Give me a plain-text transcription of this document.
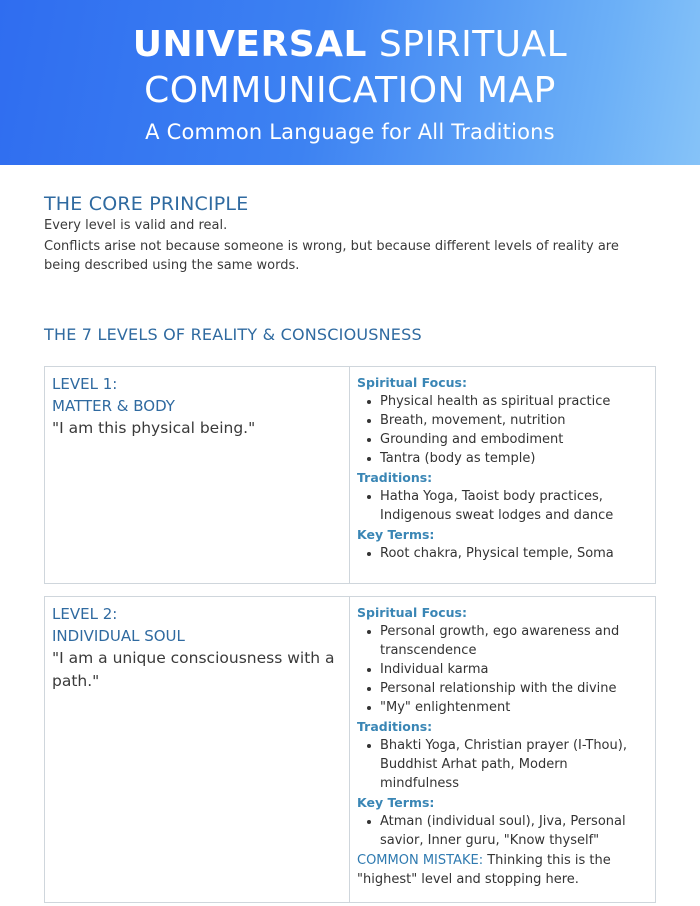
UNIVERSAL SPIRITUAL
COMMUNICATION MAP
A Common Language for All Traditions
THE CORE PRINCIPLE
Every level is valid and real.
Conflicts arise not because someone is wrong, but because different levels of reality are being described using the same words.
THE 7 LEVELS OF REALITY & CONSCIOUSNESS
LEVEL 1:
MATTER & BODY
"I am this physical being."
Spiritual Focus:
Physical health as spiritual practice
Breath, movement, nutrition
Grounding and embodiment
Tantra (body as temple)
Traditions:
Hatha Yoga, Taoist body practices, Indigenous sweat lodges and dance
Key Terms:
Root chakra, Physical temple, Soma
LEVEL 2:
INDIVIDUAL SOUL
"I am a unique consciousness with a path."
Spiritual Focus:
Personal growth, ego awareness and transcendence
Individual karma
Personal relationship with the divine
"My" enlightenment
Traditions:
Bhakti Yoga, Christian prayer (I-Thou), Buddhist Arhat path, Modern mindfulness
Key Terms:
Atman (individual soul), Jiva, Personal savior, Inner guru, "Know thyself"
COMMON MISTAKE: Thinking this is the "highest" level and stopping here.
